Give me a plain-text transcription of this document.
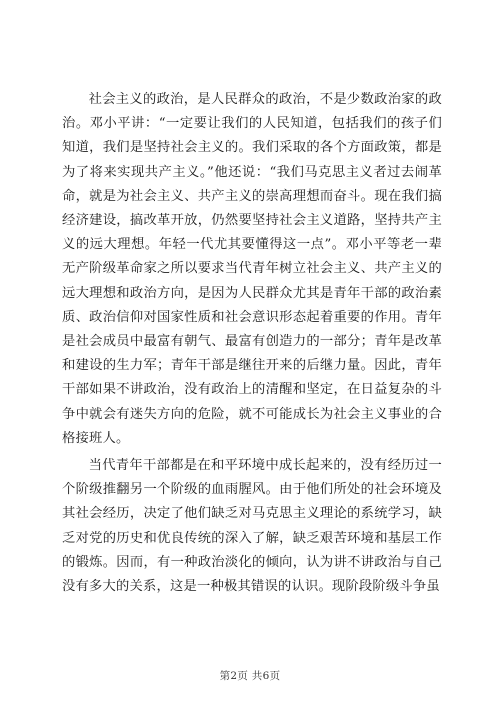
社会主义的政治，是人民群众的政治，不是少数政治家的政治。邓小平讲：“一定要让我们的人民知道，包括我们的孩子们知道，我们是坚持社会主义的。我们采取的各个方面政策，都是为了将来实现共产主义。”他还说：“我们马克思主义者过去闹革命，就是为社会主义、共产主义的崇高理想而奋斗。现在我们搞经济建设，搞改革开放，仍然要坚持社会主义道路，坚持共产主义的远大理想。年轻一代尤其要懂得这一点”。邓小平等老一辈无产阶级革命家之所以要求当代青年树立社会主义、共产主义的远大理想和政治方向，是因为人民群众尤其是青年干部的政治素质、政治信仰对国家性质和社会意识形态起着重要的作用。青年是社会成员中最富有朝气、最富有创造力的一部分；青年是改革和建设的生力军；青年干部是继往开来的后继力量。因此，青年干部如果不讲政治，没有政治上的清醒和坚定，在日益复杂的斗争中就会有迷失方向的危险，就不可能成长为社会主义事业的合格接班人。

当代青年干部都是在和平环境中成长起来的，没有经历过一个阶级推翻另一个阶级的血雨腥风。由于他们所处的社会环境及其社会经历，决定了他们缺乏对马克思主义理论的系统学习，缺乏对党的历史和优良传统的深入了解，缺乏艰苦环境和基层工作的锻炼。因而，有一种政治淡化的倾向，认为讲不讲政治与自己没有多大的关系，这是一种极其错误的认识。现阶段阶级斗争虽

第2页 共6页
